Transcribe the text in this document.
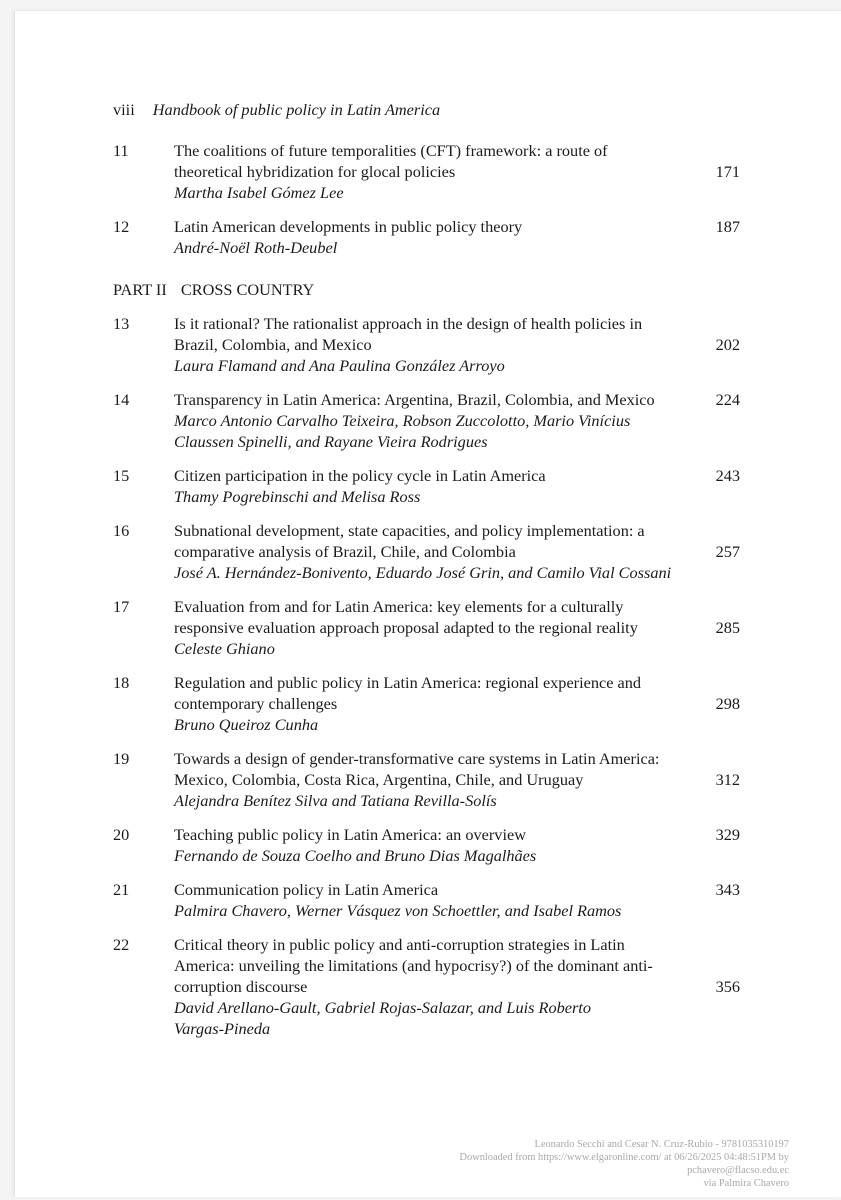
viii Handbook of public policy in Latin America
11	The coalitions of future temporalities (CFT) framework: a route of
theoretical hybridization for glocal policies
Martha Isabel Gómez Lee
171
12	Latin American developments in public policy theory
André-Noël Roth-Deubel
187
13	Is it rational? The rationalist approach in the design of health policies in
Brazil, Colombia, and Mexico
Laura Flamand and Ana Paulina González Arroyo
202
14	Transparency in Latin America: Argentina, Brazil, Colombia, and Mexico
Marco Antonio Carvalho Teixeira, Robson Zuccolotto, Mario Vinícius
Claussen Spinelli, and Rayane Vieira Rodrigues
224
15	Citizen participation in the policy cycle in Latin America
Thamy Pogrebinschi and Melisa Ross
243
16	Subnational development, state capacities, and policy implementation: a
comparative analysis of Brazil, Chile, and Colombia
José A. Hernández-Bonivento, Eduardo José Grin, and Camilo Vial Cossani
257
17	Evaluation from and for Latin America: key elements for a culturally
responsive evaluation approach proposal adapted to the regional reality
Celeste Ghiano
285
18	Regulation and public policy in Latin America: regional experience and
contemporary challenges
Bruno Queiroz Cunha
298
19	Towards a design of gender-transformative care systems in Latin America:
Mexico, Colombia, Costa Rica, Argentina, Chile, and Uruguay
Alejandra Benítez Silva and Tatiana Revilla-Solís
312
20	Teaching public policy in Latin America: an overview
Fernando de Souza Coelho and Bruno Dias Magalhães
329
21	Communication policy in Latin America
Palmira Chavero, Werner Vásquez von Schoettler, and Isabel Ramos
343
22	Critical theory in public policy and anti-corruption strategies in Latin
America: unveiling the limitations (and hypocrisy?) of the dominant anti-
corruption discourse
David Arellano-Gault, Gabriel Rojas-Salazar, and Luis Roberto
Vargas-Pineda
356
PART II CROSS COUNTRY
Leonardo Secchi and Cesar N. Cruz-Rubio - 9781035310197
Downloaded from https://www.elgaronline.com/ at 06/26/2025 04:48:51PM by
pchavero@flacso.edu.ec
via Palmira Chavero
